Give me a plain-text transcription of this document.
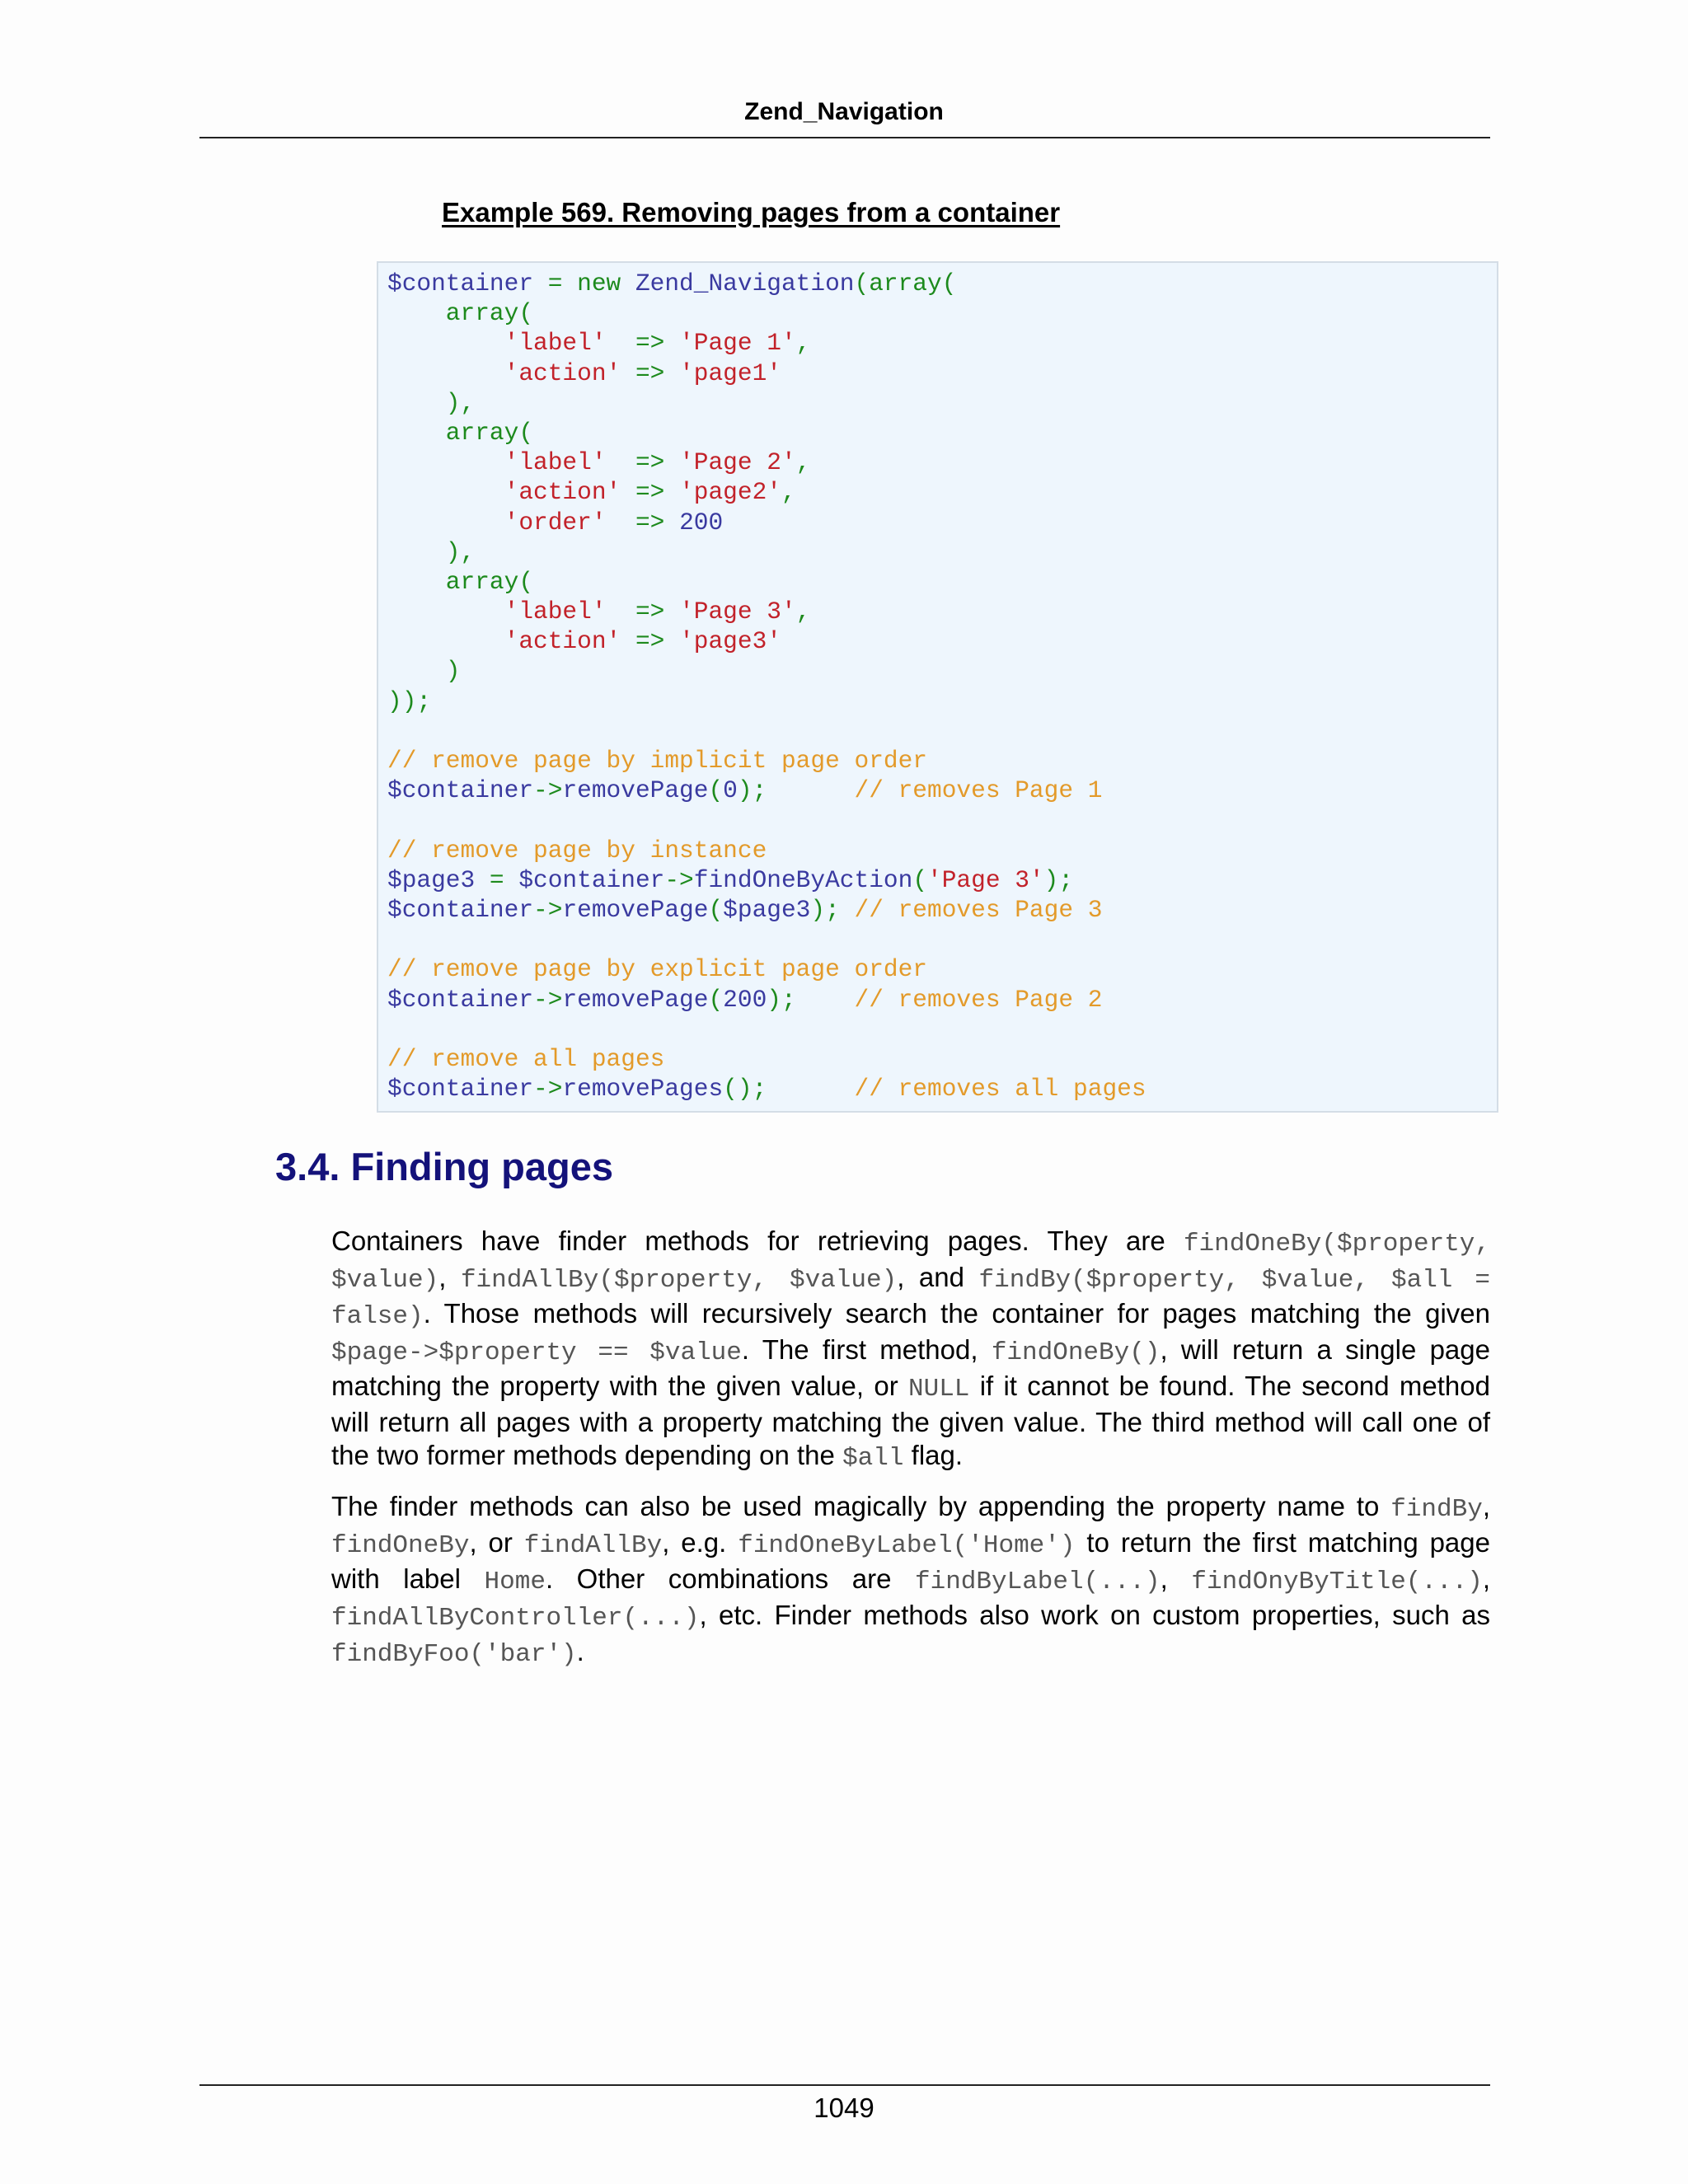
Zend_Navigation
Example 569. Removing pages from a container
$container = new Zend_Navigation(array(
array(
'label'  => 'Page 1',
'action' => 'page1'
),
array(
'label'  => 'Page 2',
'action' => 'page2',
'order'  => 200
),
array(
'label'  => 'Page 3',
'action' => 'page3'
)
));

// remove page by implicit page order
$container->removePage(0);      // removes Page 1

// remove page by instance
$page3 = $container->findOneByAction('Page 3');
$container->removePage($page3); // removes Page 3

// remove page by explicit page order
$container->removePage(200);    // removes Page 2

// remove all pages
$container->removePages();      // removes all pages
3.4. Finding pages

Containers have finder methods for retrieving pages. They are findOneBy($property, $value), findAllBy($property, $value), and findBy($property, $value, $all = false). Those methods will recursively search the container for pages matching the given $page->$property == $value. The first method, findOneBy(), will return a single page matching the property with the given value, or NULL if it cannot be found. The second method will return all pages with a property matching the given value. The third method will call one of the two former methods depending on the $all flag.

The finder methods can also be used magically by appending the property name to findBy, findOneBy, or findAllBy, e.g. findOneByLabel('Home') to return the first matching page with label Home. Other combinations are findByLabel(...), findOnyByTitle(...), findAllByController(...), etc. Finder methods also work on custom properties, such as findByFoo('bar').

1049
